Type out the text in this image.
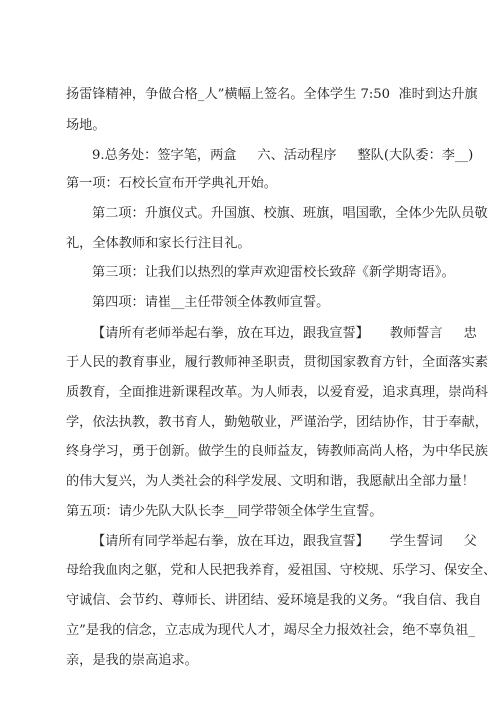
扬雷锋精神，争做合格_人”横幅上签名。全体学生 7:50  准时到达升旗
场地。
9.总务处：签字笔，两盒     六、活动程序     整队(大队委：李__)
第一项：石校长宣布开学典礼开始。
第二项：升旗仪式。升国旗、校旗、班旗，唱国歌，全体少先队员敬
礼，全体教师和家长行注目礼。
第三项：让我们以热烈的掌声欢迎雷校长致辞《新学期寄语》。
第四项：请崔__主任带领全体教师宣誓。
【请所有老师举起右拳，放在耳边，跟我宣誓】     教师誓言     忠
于人民的教育事业，履行教师神圣职责，贯彻国家教育方针，全面落实素
质教育，全面推进新课程改革。为人师表，以爱育爱，追求真理，崇尚科
学，依法执教，教书育人，勤勉敬业，严谨治学，团结协作，甘于奉献，
终身学习，勇于创新。做学生的良师益友，铸教师高尚人格，为中华民族
的伟大复兴，为人类社会的科学发展、文明和谐，我愿献出全部力量！
第五项：请少先队大队长李__同学带领全体学生宣誓。
【请所有同学举起右拳，放在耳边，跟我宣誓】     学生誓词     父
母给我血肉之躯，党和人民把我养育，爱祖国、守校规、乐学习、保安全、
守诚信、会节约、尊师长、讲团结、爱环境是我的义务。“我自信、我自
立”是我的信念，立志成为现代人才，竭尽全力报效社会，绝不辜负祖_
亲，是我的崇高追求。
